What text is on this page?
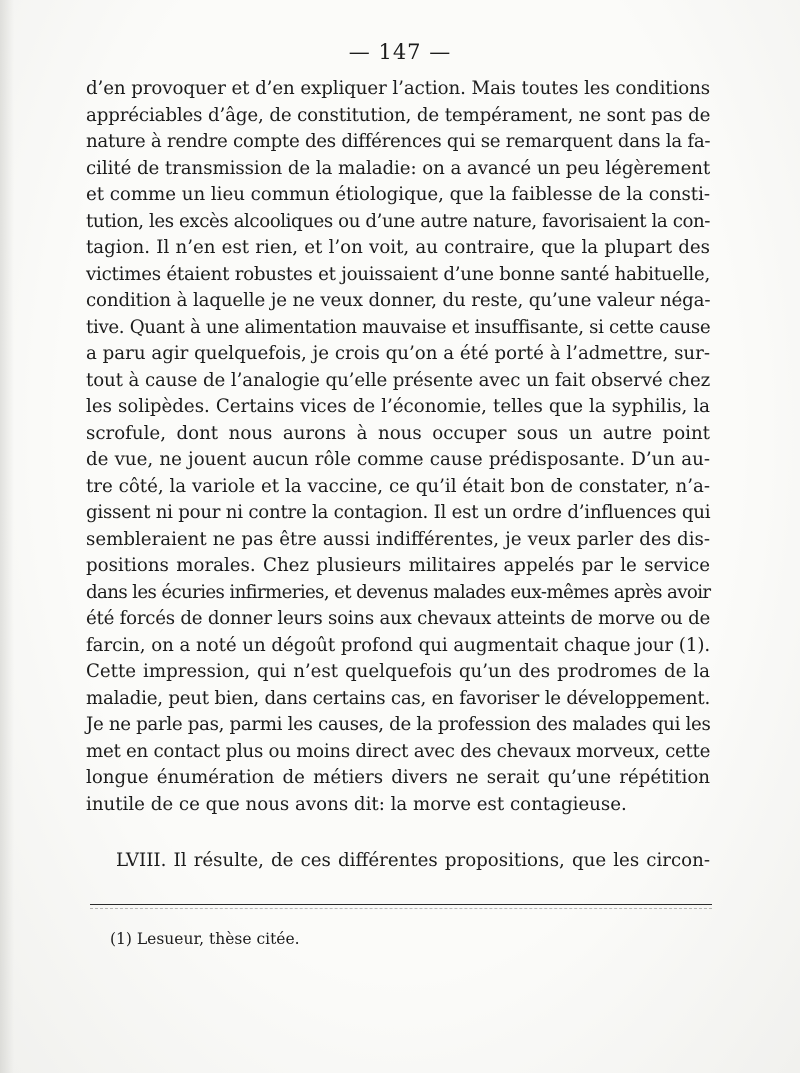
— 147 —
d’en provoquer et d’en expliquer l’action. Mais toutes les conditions
appréciables d’âge, de constitution, de tempérament, ne sont pas de
nature à rendre compte des différences qui se remarquent dans la fa-
cilité de transmission de la maladie: on a avancé un peu légèrement
et comme un lieu commun étiologique, que la faiblesse de la consti-
tution, les excès alcooliques ou d’une autre nature, favorisaient la con-
tagion. Il n’en est rien, et l’on voit, au contraire, que la plupart des
victimes étaient robustes et jouissaient d’une bonne santé habituelle,
condition à laquelle je ne veux donner, du reste, qu’une valeur néga-
tive. Quant à une alimentation mauvaise et insuffisante, si cette cause
a paru agir quelquefois, je crois qu’on a été porté à l’admettre, sur-
tout à cause de l’analogie qu’elle présente avec un fait observé chez
les solipèdes. Certains vices de l’économie, telles que la syphilis, la
scrofule, dont nous aurons à nous occuper sous un autre point
de vue, ne jouent aucun rôle comme cause prédisposante. D’un au-
tre côté, la variole et la vaccine, ce qu’il était bon de constater, n’a-
gissent ni pour ni contre la contagion. Il est un ordre d’influences qui
sembleraient ne pas être aussi indifférentes, je veux parler des dis-
positions morales. Chez plusieurs militaires appelés par le service
dans les écuries infirmeries, et devenus malades eux-mêmes après avoir
été forcés de donner leurs soins aux chevaux atteints de morve ou de
farcin, on a noté un dégoût profond qui augmentait chaque jour (1).
Cette impression, qui n’est quelquefois qu’un des prodromes de la
maladie, peut bien, dans certains cas, en favoriser le développement.
Je ne parle pas, parmi les causes, de la profession des malades qui les
met en contact plus ou moins direct avec des chevaux morveux, cette
longue énumération de métiers divers ne serait qu’une répétition
inutile de ce que nous avons dit: la morve est contagieuse.
LVIII. Il résulte, de ces différentes propositions, que les circon-
(1) Lesueur, thèse citée.
